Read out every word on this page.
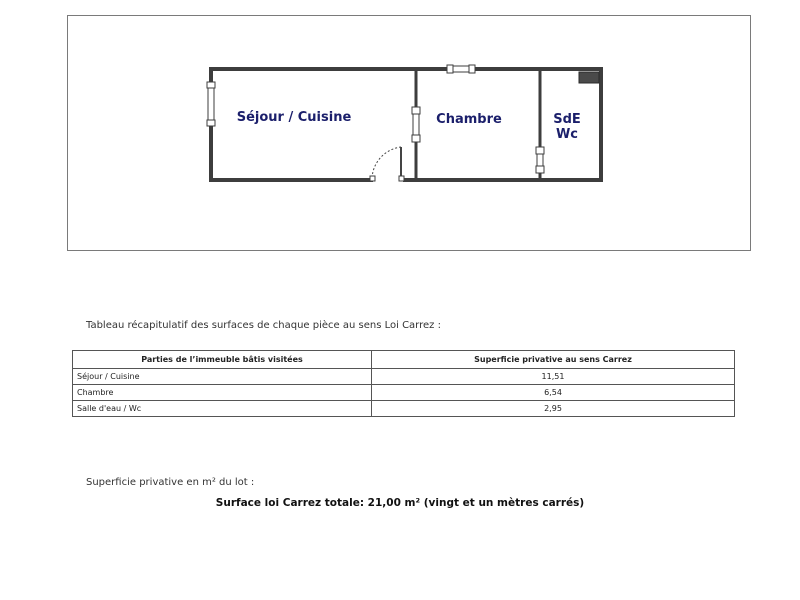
Séjour / Cuisine	Chambre	SdE
Wc
Tableau récapitulatif des surfaces de chaque pièce au sens Loi Carrez :
Parties de l’immeuble bâtis visitées	Superficie privative au sens Carrez
Séjour / Cuisine	11,51
Chambre	6,54
Salle d'eau / Wc	2,95
Superficie privative en m² du lot :
Surface loi Carrez totale: 21,00 m² (vingt et un mètres carrés)
